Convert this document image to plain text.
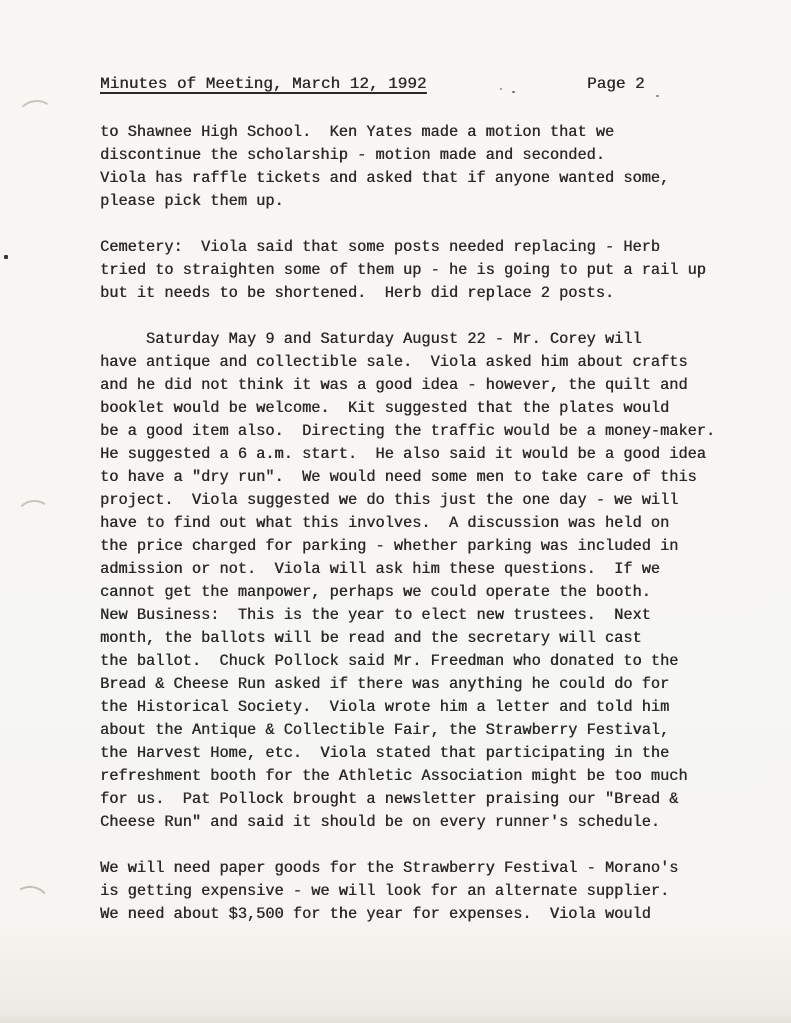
Minutes of Meeting, March 12, 1992	Page 2
to Shawnee High School.  Ken Yates made a motion that we
discontinue the scholarship - motion made and seconded.
Viola has raffle tickets and asked that if anyone wanted some,
please pick them up.
Cemetery:  Viola said that some posts needed replacing - Herb
tried to straighten some of them up - he is going to put a rail up
but it needs to be shortened.  Herb did replace 2 posts.
Saturday May 9 and Saturday August 22 - Mr. Corey will
have antique and collectible sale.  Viola asked him about crafts
and he did not think it was a good idea - however, the quilt and
booklet would be welcome.  Kit suggested that the plates would
be a good item also.  Directing the traffic would be a money-maker.
He suggested a 6 a.m. start.  He also said it would be a good idea
to have a "dry run".  We would need some men to take care of this
project.  Viola suggested we do this just the one day - we will
have to find out what this involves.  A discussion was held on
the price charged for parking - whether parking was included in
admission or not.  Viola will ask him these questions.  If we
cannot get the manpower, perhaps we could operate the booth.
New Business:  This is the year to elect new trustees.  Next
month, the ballots will be read and the secretary will cast
the ballot.  Chuck Pollock said Mr. Freedman who donated to the
Bread & Cheese Run asked if there was anything he could do for
the Historical Society.  Viola wrote him a letter and told him
about the Antique & Collectible Fair, the Strawberry Festival,
the Harvest Home, etc.  Viola stated that participating in the
refreshment booth for the Athletic Association might be too much
for us.  Pat Pollock brought a newsletter praising our "Bread &
Cheese Run" and said it should be on every runner's schedule.
We will need paper goods for the Strawberry Festival - Morano's
is getting expensive - we will look for an alternate supplier.
We need about $3,500 for the year for expenses.  Viola would
